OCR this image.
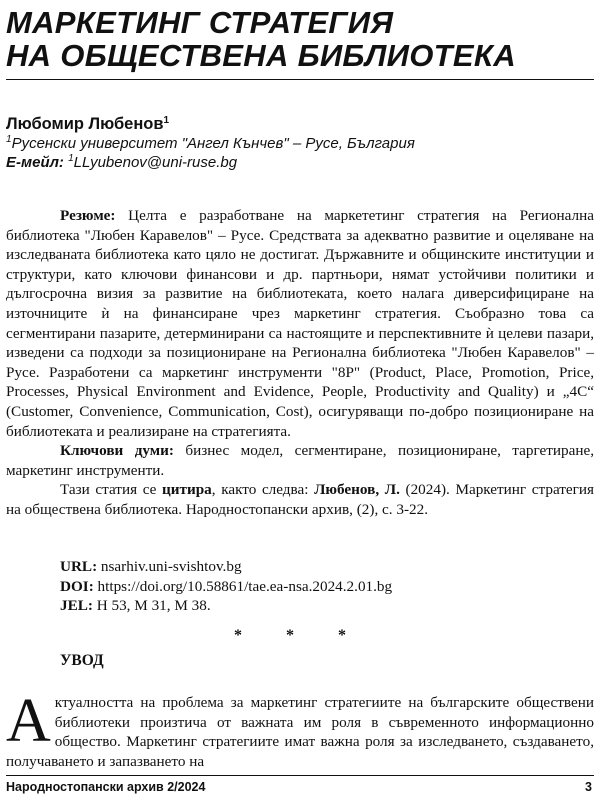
МАРКЕТИНГ СТРАТЕГИЯ
НА ОБЩЕСТВЕНА БИБЛИОТЕКА
Любомир Любенов$^1$
$^1$Русенски университет "Ангел Кънчев" – Русе, България
Е-мейл: $^1$LLyubenov@uni-ruse.bg

Резюме: Целта е разработване на маркететинг стратегия на Регионална библиотека "Любен Каравелов" – Русе. Средствата за адекватно развитие и оцеляване на изследваната библиотека като цяло не достигат. Държавните и общинските институции и структури, като ключови финансови и др. партньори, нямат устойчиви политики и дългосрочна визия за развитие на библиотеката, което налага диверсифициране на източниците ѝ на финансиране чрез маркетинг стратегия. Съобразно това са сегментирани пазарите, детерминирани са настоящите и перспективните ѝ целеви пазари, изведени са подходи за позициониране на Регионална библиотека "Любен Каравелов" – Русе. Разработени са маркетинг инструменти "8P" (Product, Place, Promotion, Price, Processes, Physical Environment and Evidence, People, Productivity and Quality) и „4C“ (Customer, Convenience, Communication, Cost), осигуряващи по-добро позициониране на библиотеката и реализиране на стратегията.

Ключови думи: бизнес модел, сегментиране, позициониране, таргетиране, маркетинг инструменти.

Тази статия се цитира, както следва: Любенов, Л. (2024). Маркетинг стратегия на обществена библиотека. Народностопански архив, (2), с. 3-22.

URL: nsarhiv.uni-svishtov.bg
DOI: https://doi.org/10.58861/tae.ea-nsa.2024.2.01.bg
JEL: H 53, M 31, M 38.
* * *
УВОД
Актуалността на проблема за маркетинг стратегиите на българските обществени библиотеки произтича от важната им роля в съвременното информационно общество. Маркетинг стратегиите имат важна роля за изследването, създаването, получаването и запазването на
Народностопански архив 2/2024	3
